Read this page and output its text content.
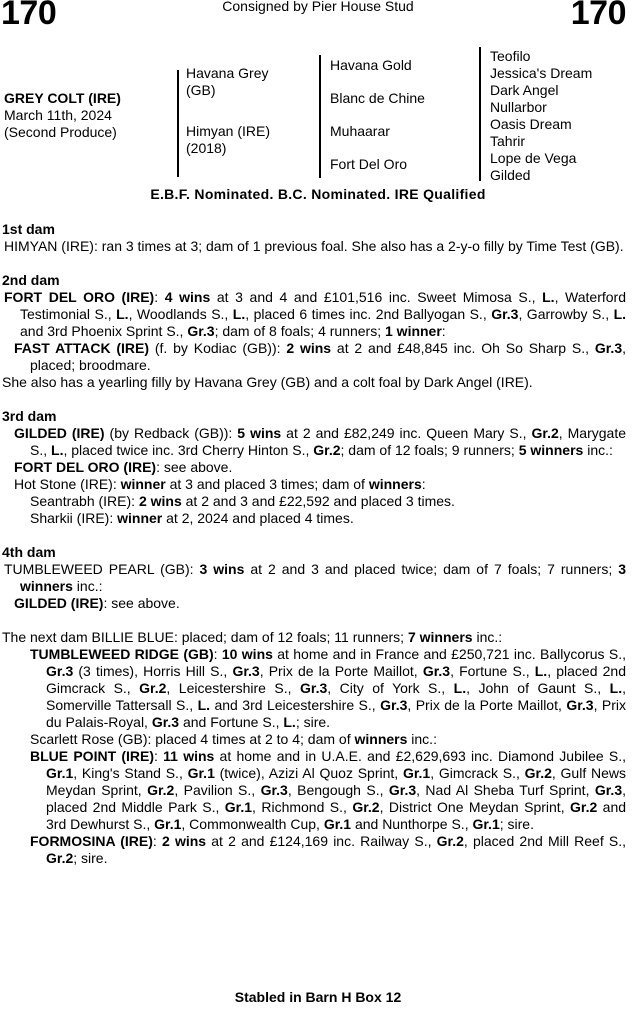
170	Consigned by Pier House Stud	170
GREY COLT (IRE)
March 11th, 2024
(Second Produce)
Havana Grey
(GB)
Himyan (IRE)
(2018)
Havana Gold
Blanc de Chine
Muhaarar
Fort Del Oro
Teofilo
Jessica's Dream
Dark Angel
Nullarbor
Oasis Dream
Tahrir
Lope de Vega
Gilded
E.B.F. Nominated. B.C. Nominated. IRE Qualified

1st dam

HIMYAN (IRE): ran 3 times at 3; dam of 1 previous foal. She also has a 2-y-o filly by Time Test (GB).

2nd dam

FORT DEL ORO (IRE): 4 wins at 3 and 4 and £101,516 inc. Sweet Mimosa S., L., Waterford Testimonial S., L., Woodlands S., L., placed 6 times inc. 2nd Ballyogan S., Gr.3, Garrowby S., L. and 3rd Phoenix Sprint S., Gr.3; dam of 8 foals; 4 runners; 1 winner:

FAST ATTACK (IRE) (f. by Kodiac (GB)): 2 wins at 2 and £48,845 inc. Oh So Sharp S., Gr.3, placed; broodmare.

She also has a yearling filly by Havana Grey (GB) and a colt foal by Dark Angel (IRE).

3rd dam

GILDED (IRE) (by Redback (GB)): 5 wins at 2 and £82,249 inc. Queen Mary S., Gr.2, Marygate S., L., placed twice inc. 3rd Cherry Hinton S., Gr.2; dam of 12 foals; 9 runners; 5 winners inc.:

FORT DEL ORO (IRE): see above.

Hot Stone (IRE): winner at 3 and placed 3 times; dam of winners:

Seantrabh (IRE): 2 wins at 2 and 3 and £22,592 and placed 3 times.

Sharkii (IRE): winner at 2, 2024 and placed 4 times.

4th dam

TUMBLEWEED PEARL (GB): 3 wins at 2 and 3 and placed twice; dam of 7 foals; 7 runners; 3 winners inc.:

GILDED (IRE): see above.

The next dam BILLIE BLUE: placed; dam of 12 foals; 11 runners; 7 winners inc.:

TUMBLEWEED RIDGE (GB): 10 wins at home and in France and £250,721 inc. Ballycorus S., Gr.3 (3 times), Horris Hill S., Gr.3, Prix de la Porte Maillot, Gr.3, Fortune S., L., placed 2nd Gimcrack S., Gr.2, Leicestershire S., Gr.3, City of York S., L., John of Gaunt S., L., Somerville Tattersall S., L. and 3rd Leicestershire S., Gr.3, Prix de la Porte Maillot, Gr.3, Prix du Palais-Royal, Gr.3 and Fortune S., L.; sire.

Scarlett Rose (GB): placed 4 times at 2 to 4; dam of winners inc.:

BLUE POINT (IRE): 11 wins at home and in U.A.E. and £2,629,693 inc. Diamond Jubilee S., Gr.1, King's Stand S., Gr.1 (twice), Azizi Al Quoz Sprint, Gr.1, Gimcrack S., Gr.2, Gulf News Meydan Sprint, Gr.2, Pavilion S., Gr.3, Bengough S., Gr.3, Nad Al Sheba Turf Sprint, Gr.3, placed 2nd Middle Park S., Gr.1, Richmond S., Gr.2, District One Meydan Sprint, Gr.2 and 3rd Dewhurst S., Gr.1, Commonwealth Cup, Gr.1 and Nunthorpe S., Gr.1; sire.

FORMOSINA (IRE): 2 wins at 2 and £124,169 inc. Railway S., Gr.2, placed 2nd Mill Reef S., Gr.2; sire.

Stabled in Barn H Box 12
